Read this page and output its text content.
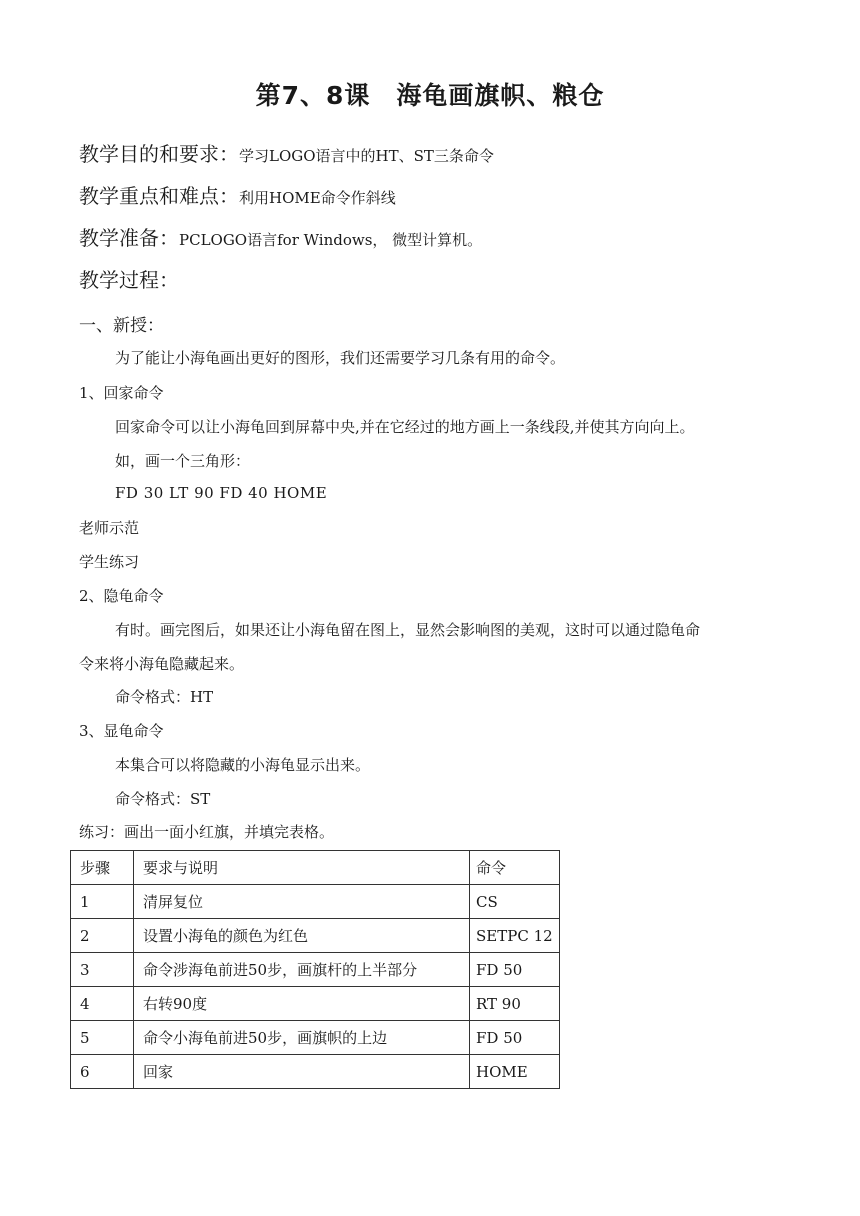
第7、8课　海龟画旗帜、粮仓
教学目的和要求：学习LOGO语言中的HT、ST三条命令
教学重点和难点：利用HOME命令作斜线
教学准备：PCLOGO语言for Windows， 微型计算机。
教学过程：
一、新授：
为了能让小海龟画出更好的图形，我们还需要学习几条有用的命令。
1、回家命令
回家命令可以让小海龟回到屏幕中央,并在它经过的地方画上一条线段,并使其方向向上。
如，画一个三角形：
FD 30 LT 90 FD 40 HOME
老师示范
学生练习
2、隐龟命令
有时。画完图后，如果还让小海龟留在图上，显然会影响图的美观，这时可以通过隐龟命
令来将小海龟隐藏起来。
命令格式：HT
3、显龟命令
本集合可以将隐藏的小海龟显示出来。
命令格式：ST
练习：画出一面小红旗，并填完表格。
步骤	要求与说明	命令
1	清屏复位	CS
2	设置小海龟的颜色为红色	SETPC 12
3	命令涉海龟前进50步，画旗杆的上半部分	FD 50
4	右转90度	RT 90
5	命令小海龟前进50步，画旗帜的上边	FD 50
6	回家	HOME
